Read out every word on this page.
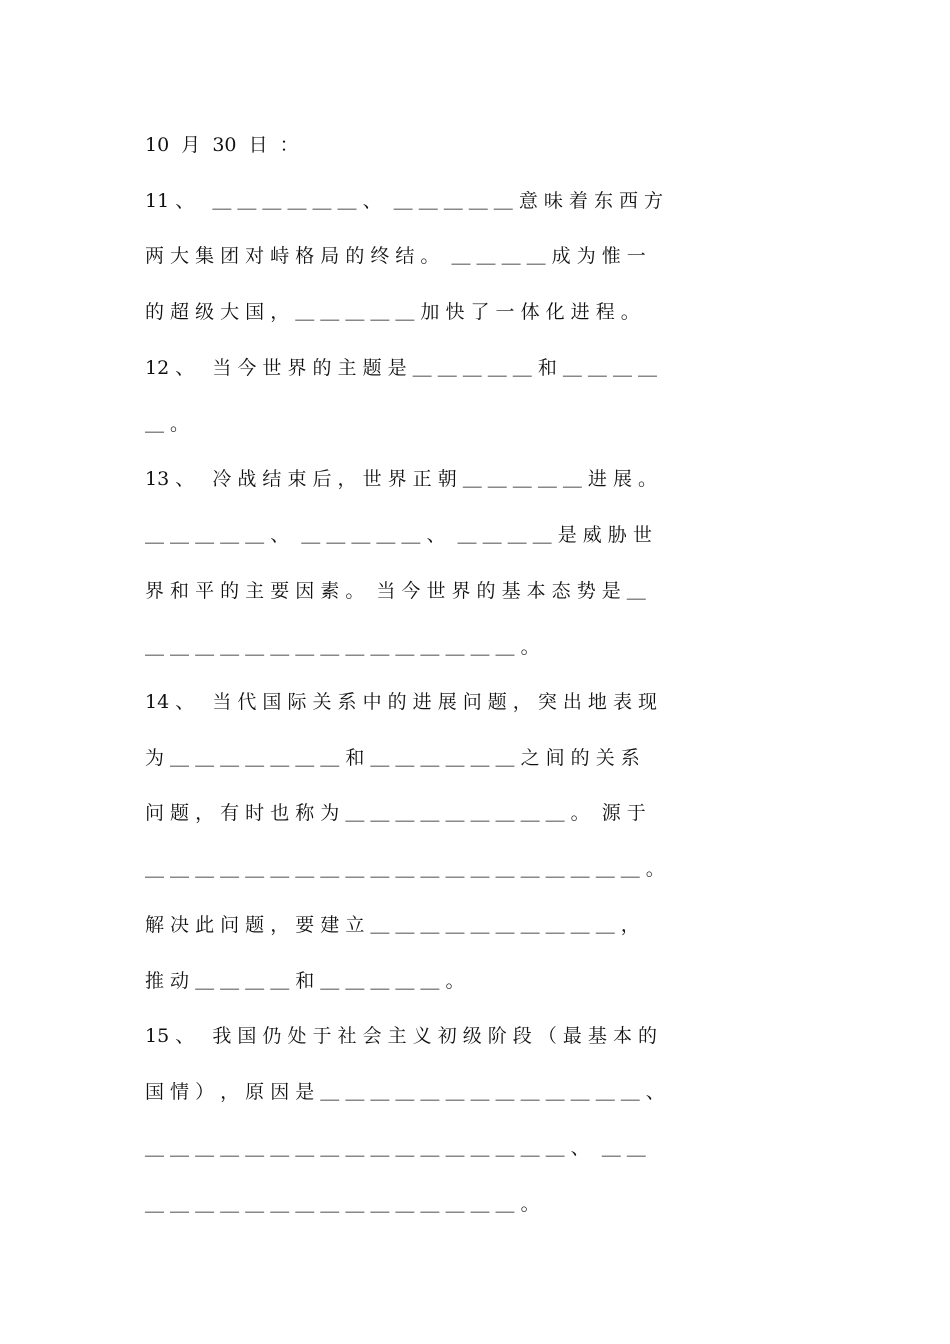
10  月  30  日  ：
11 、   ＿ ＿ ＿ ＿ ＿ ＿ 、  ＿ ＿ ＿ ＿ ＿ 意 味 着 东 西 方
两 大 集 团 对 峙 格 局 的 终 结 。  ＿ ＿ ＿ ＿ 成 为 惟 一
的 超 级 大 国 ， ＿ ＿ ＿ ＿ ＿ 加 快 了 一 体 化 进 程 。
12 、   当 今 世 界 的 主 题 是 ＿ ＿ ＿ ＿ ＿ 和 ＿ ＿ ＿ ＿
＿ 。
13 、   冷 战 结 束 后 ， 世 界 正 朝 ＿ ＿ ＿ ＿ ＿ 进 展 。
＿ ＿ ＿ ＿ ＿ 、  ＿ ＿ ＿ ＿ ＿ 、  ＿ ＿ ＿ ＿ 是 威 胁 世
界 和 平 的 主 要 因 素 。  当 今 世 界 的 基 本 态 势 是 ＿
＿ ＿ ＿ ＿ ＿ ＿ ＿ ＿ ＿ ＿ ＿ ＿ ＿ ＿ ＿ 。
14 、   当 代 国 际 关 系 中 的 进 展 问 题 ， 突 出 地 表 现
为 ＿ ＿ ＿ ＿ ＿ ＿ ＿ 和 ＿ ＿ ＿ ＿ ＿ ＿ 之 间 的 关 系
问 题 ， 有 时 也 称 为 ＿ ＿ ＿ ＿ ＿ ＿ ＿ ＿ ＿ 。  源 于
＿ ＿ ＿ ＿ ＿ ＿ ＿ ＿ ＿ ＿ ＿ ＿ ＿ ＿ ＿ ＿ ＿ ＿ ＿ ＿ 。
解 决 此 问 题 ， 要 建 立 ＿ ＿ ＿ ＿ ＿ ＿ ＿ ＿ ＿ ＿ ，
推 动 ＿ ＿ ＿ ＿ 和 ＿ ＿ ＿ ＿ ＿ 。
15 、   我 国 仍 处 于 社 会 主 义 初 级 阶 段 （ 最 基 本 的
国 情 ） ， 原 因 是 ＿ ＿ ＿ ＿ ＿ ＿ ＿ ＿ ＿ ＿ ＿ ＿ ＿ 、
＿ ＿ ＿ ＿ ＿ ＿ ＿ ＿ ＿ ＿ ＿ ＿ ＿ ＿ ＿ ＿ ＿ 、  ＿ ＿
＿ ＿ ＿ ＿ ＿ ＿ ＿ ＿ ＿ ＿ ＿ ＿ ＿ ＿ ＿ 。
